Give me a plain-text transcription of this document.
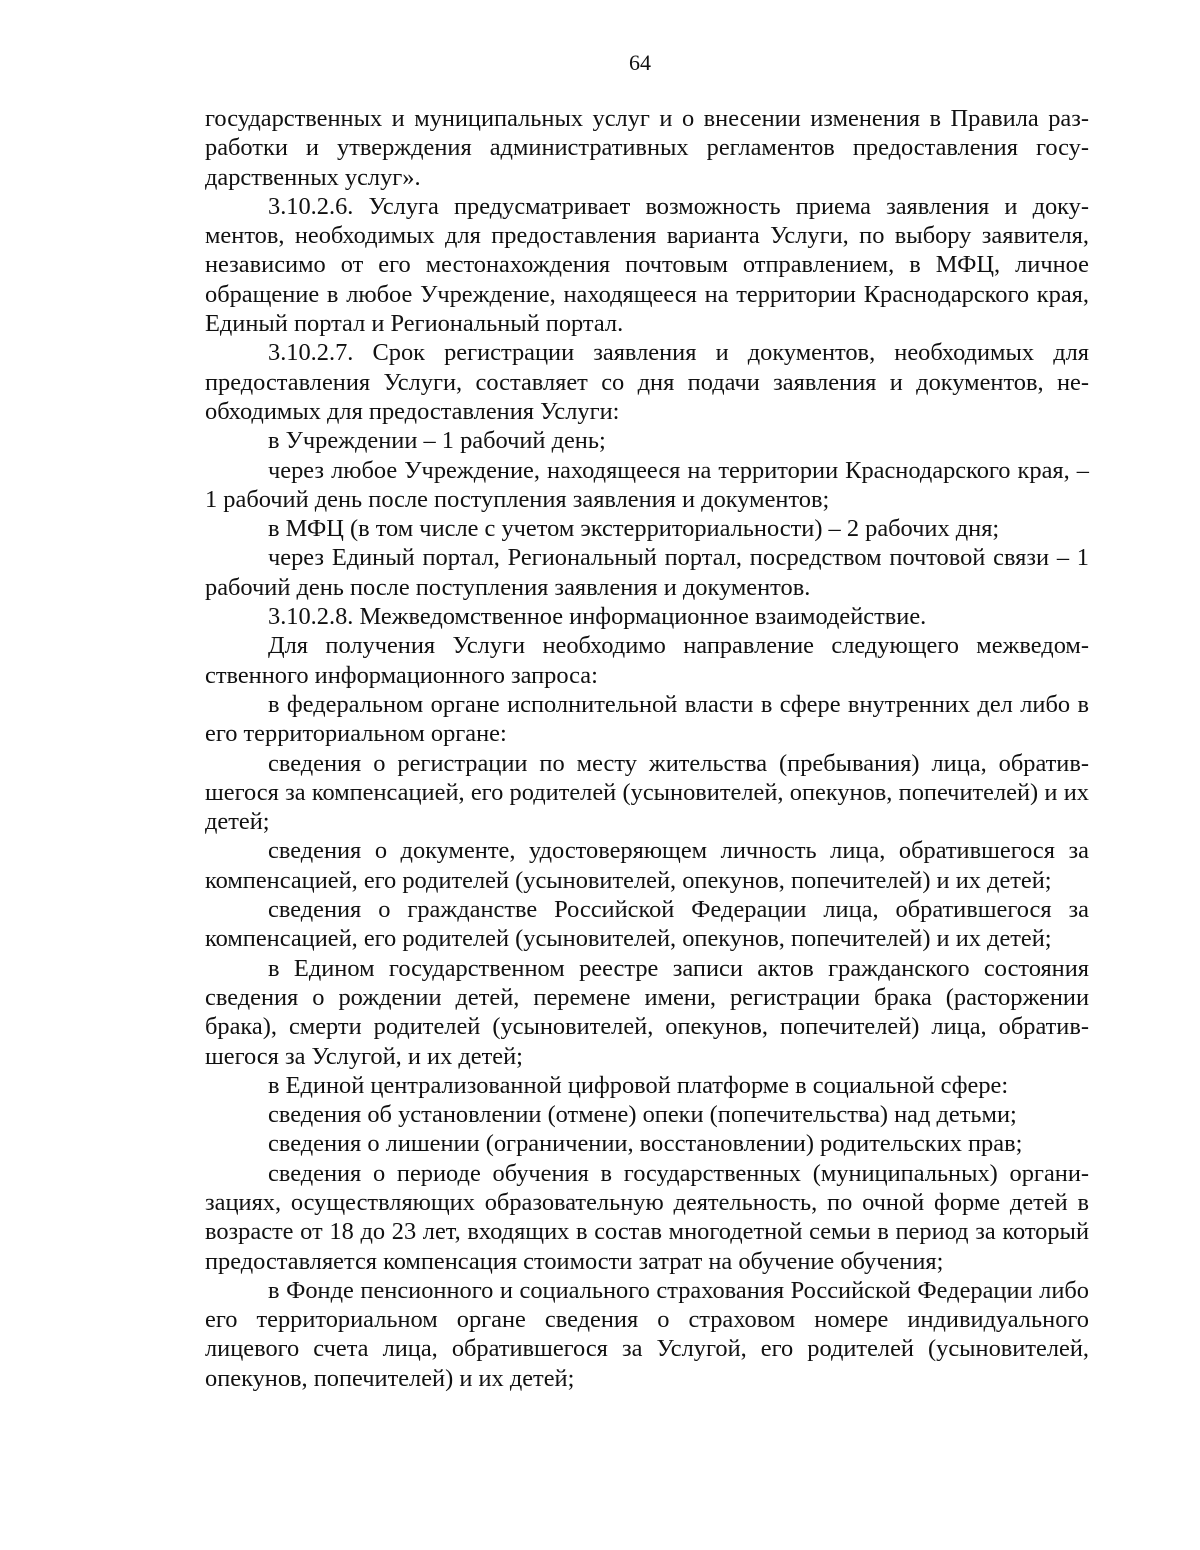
64

государственных и муниципальных услуг и о внесении изменения в Правила разработки и утверждения административных регламентов предоставления государственных услуг».

3.10.2.6. Услуга предусматривает возможность приема заявления и документов, необходимых для предоставления варианта Услуги, по выбору заявителя, независимо от его местонахождения почтовым отправлением, в МФЦ, личное обращение в любое Учреждение, находящееся на территории Краснодарского края, Единый портал и Региональный портал.

3.10.2.7. Срок регистрации заявления и документов, необходимых для предоставления Услуги, составляет со дня подачи заявления и документов, необходимых для предоставления Услуги:

в Учреждении – 1 рабочий день;

через любое Учреждение, находящееся на территории Краснодарского края, – 1 рабочий день после поступления заявления и документов;

в МФЦ (в том числе с учетом экстерриториальности) – 2 рабочих дня;

через Единый портал, Региональный портал, посредством почтовой связи – 1 рабочий день после поступления заявления и документов.

3.10.2.8. Межведомственное информационное взаимодействие.

Для получения Услуги необходимо направление следующего межведомственного информационного запроса:

в федеральном органе исполнительной власти в сфере внутренних дел либо в его территориальном органе:

сведения о регистрации по месту жительства (пребывания) лица, обратившегося за компенсацией, его родителей (усыновителей, опекунов, попечителей) и их детей;

сведения о документе, удостоверяющем личность лица, обратившегося за компенсацией, его родителей (усыновителей, опекунов, попечителей) и их детей;

сведения о гражданстве Российской Федерации лица, обратившегося за компенсацией, его родителей (усыновителей, опекунов, попечителей) и их детей;

в Едином государственном реестре записи актов гражданского состояния сведения о рождении детей, перемене имени, регистрации брака (расторжении брака), смерти родителей (усыновителей, опекунов, попечителей) лица, обратившегося за Услугой, и их детей;

в Единой централизованной цифровой платформе в социальной сфере:

сведения об установлении (отмене) опеки (попечительства) над детьми;

сведения о лишении (ограничении, восстановлении) родительских прав;

сведения о периоде обучения в государственных (муниципальных) организациях, осуществляющих образовательную деятельность, по очной форме детей в возрасте от 18 до 23 лет, входящих в состав многодетной семьи в период за который предоставляется компенсация стоимости затрат на обучение обучения;

в Фонде пенсионного и социального страхования Российской Федерации либо его территориальном органе сведения о страховом номере индивидуального лицевого счета лица, обратившегося за Услугой, его родителей (усыновителей, опекунов, попечителей) и их детей;
